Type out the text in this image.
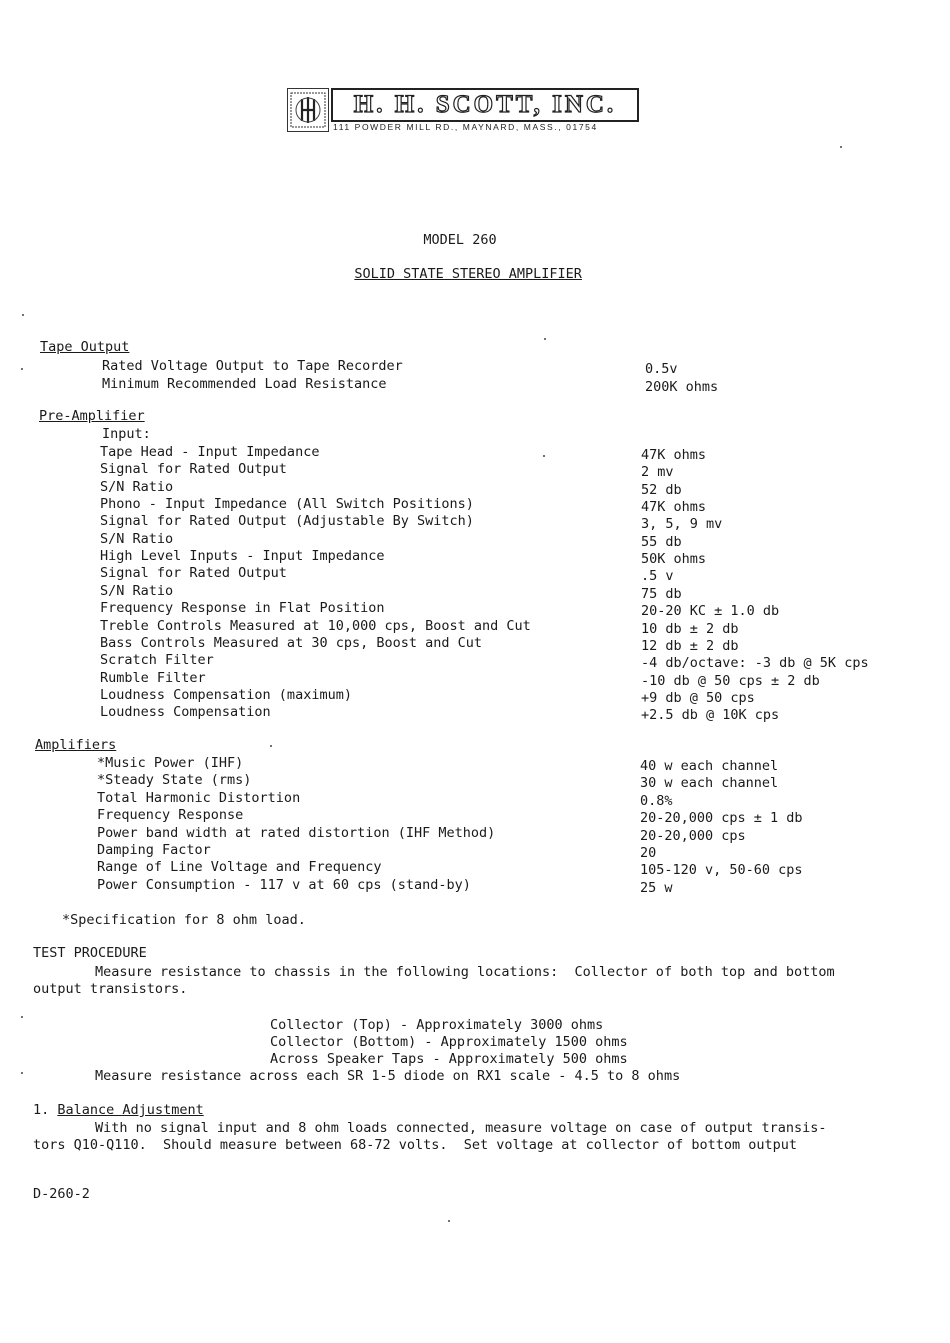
H. H. SCOTT, INC.
111 POWDER MILL RD., MAYNARD, MASS., 01754
MODEL 260

SOLID STATE STEREO AMPLIFIER

Tape Output
Rated Voltage Output to Tape Recorder	0.5v
Minimum Recommended Load Resistance	200K ohms
Pre-Amplifier
Input:
Tape Head - Input Impedance	47K ohms
Signal for Rated Output	2 mv
S/N Ratio	52 db
Phono - Input Impedance (All Switch Positions)	47K ohms
Signal for Rated Output (Adjustable By Switch)	3, 5, 9 mv
S/N Ratio	55 db
High Level Inputs - Input Impedance	50K ohms
Signal for Rated Output	.5 v
S/N Ratio	75 db
Frequency Response in Flat Position	20-20 KC ± 1.0 db
Treble Controls Measured at 10,000 cps, Boost and Cut	10 db ± 2 db
Bass Controls Measured at 30 cps, Boost and Cut	12 db ± 2 db
Scratch Filter	-4 db/octave: -3 db @ 5K cps
Rumble Filter	-10 db @ 50 cps ± 2 db
Loudness Compensation (maximum)	+9 db @ 50 cps
Loudness Compensation	+2.5 db @ 10K cps
Amplifiers
*Music Power (IHF)	40 w each channel
*Steady State (rms)	30 w each channel
Total Harmonic Distortion	0.8%
Frequency Response	20-20,000 cps ± 1 db
Power band width at rated distortion (IHF Method)	20-20,000 cps
Damping Factor	20
Range of Line Voltage and Frequency	105-120 v, 50-60 cps
Power Consumption - 117 v at 60 cps (stand-by)	25 w
*Specification for 8 ohm load.
TEST PROCEDURE
Measure resistance to chassis in the following locations:  Collector of both top and bottom
output transistors.
Collector (Top) - Approximately 3000 ohms
Collector (Bottom) - Approximately 1500 ohms
Across Speaker Taps - Approximately 500 ohms
Measure resistance across each SR 1-5 diode on RX1 scale - 4.5 to 8 ohms
1. Balance Adjustment
With no signal input and 8 ohm loads connected, measure voltage on case of output transis-
tors Q10-Q110.  Should measure between 68-72 volts.  Set voltage at collector of bottom output
D-260-2
